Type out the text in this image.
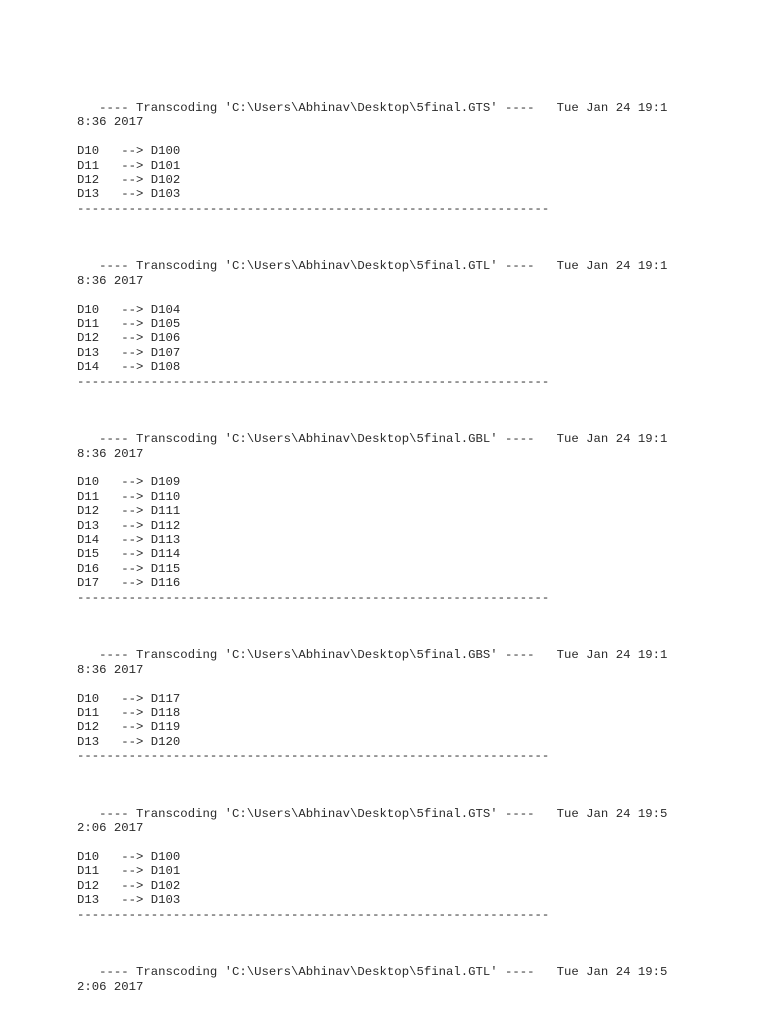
---- Transcoding 'C:\Users\Abhinav\Desktop\5final.GTS' ----   Tue Jan 24 19:1
8:36 2017
D10   --> D100
D11   --> D101
D12   --> D102
D13   --> D103
----------------------------------------------------------------
---- Transcoding 'C:\Users\Abhinav\Desktop\5final.GTL' ----   Tue Jan 24 19:1
8:36 2017
D10   --> D104
D11   --> D105
D12   --> D106
D13   --> D107
D14   --> D108
----------------------------------------------------------------
---- Transcoding 'C:\Users\Abhinav\Desktop\5final.GBL' ----   Tue Jan 24 19:1
8:36 2017
D10   --> D109
D11   --> D110
D12   --> D111
D13   --> D112
D14   --> D113
D15   --> D114
D16   --> D115
D17   --> D116
----------------------------------------------------------------
---- Transcoding 'C:\Users\Abhinav\Desktop\5final.GBS' ----   Tue Jan 24 19:1
8:36 2017
D10   --> D117
D11   --> D118
D12   --> D119
D13   --> D120
----------------------------------------------------------------
---- Transcoding 'C:\Users\Abhinav\Desktop\5final.GTS' ----   Tue Jan 24 19:5
2:06 2017
D10   --> D100
D11   --> D101
D12   --> D102
D13   --> D103
----------------------------------------------------------------
---- Transcoding 'C:\Users\Abhinav\Desktop\5final.GTL' ----   Tue Jan 24 19:5
2:06 2017
